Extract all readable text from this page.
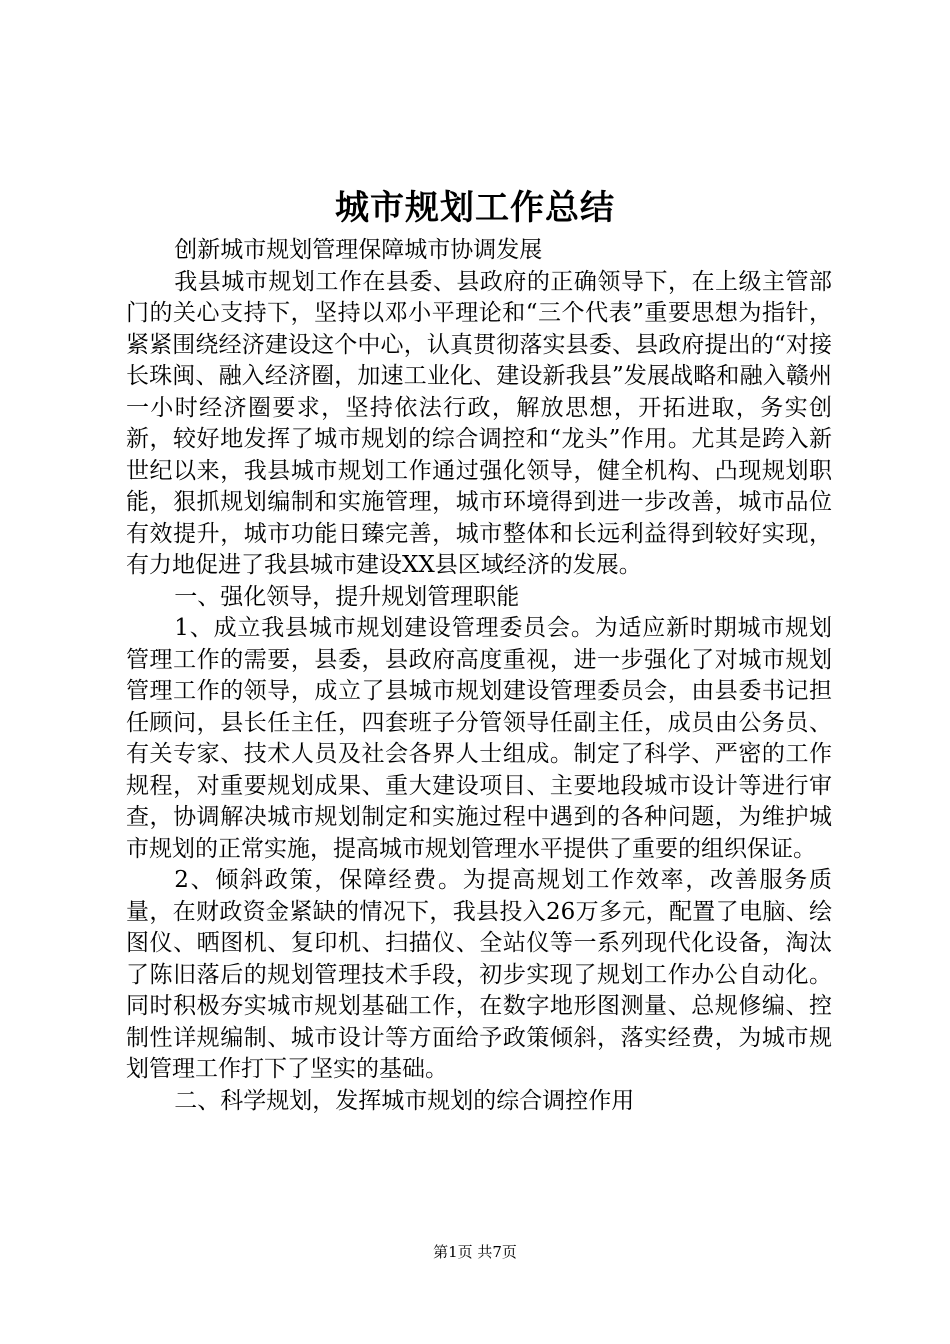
城市规划工作总结

创新城市规划管理保障城市协调发展

我县城市规划工作在县委、县政府的正确领导下，在上级主管部门的关心支持下，坚持以邓小平理论和“三个代表”重要思想为指针，紧紧围绕经济建设这个中心，认真贯彻落实县委、县政府提出的“对接长珠闽、融入经济圈，加速工业化、建设新我县”发展战略和融入赣州一小时经济圈要求，坚持依法行政，解放思想，开拓进取，务实创新，较好地发挥了城市规划的综合调控和“龙头”作用。尤其是跨入新世纪以来，我县城市规划工作通过强化领导，健全机构、凸现规划职能，狠抓规划编制和实施管理，城市环境得到进一步改善，城市品位有效提升，城市功能日臻完善，城市整体和长远利益得到较好实现，有力地促进了我县城市建设XX县区域经济的发展。

一、强化领导，提升规划管理职能

1、成立我县城市规划建设管理委员会。为适应新时期城市规划管理工作的需要，县委，县政府高度重视，进一步强化了对城市规划管理工作的领导，成立了县城市规划建设管理委员会，由县委书记担任顾问，县长任主任，四套班子分管领导任副主任，成员由公务员、有关专家、技术人员及社会各界人士组成。制定了科学、严密的工作规程，对重要规划成果、重大建设项目、主要地段城市设计等进行审查，协调解决城市规划制定和实施过程中遇到的各种问题，为维护城市规划的正常实施，提高城市规划管理水平提供了重要的组织保证。

2、倾斜政策，保障经费。为提高规划工作效率，改善服务质量，在财政资金紧缺的情况下，我县投入26万多元，配置了电脑、绘图仪、晒图机、复印机、扫描仪、全站仪等一系列现代化设备，淘汰了陈旧落后的规划管理技术手段，初步实现了规划工作办公自动化。同时积极夯实城市规划基础工作，在数字地形图测量、总规修编、控制性详规编制、城市设计等方面给予政策倾斜，落实经费，为城市规划管理工作打下了坚实的基础。

二、科学规划，发挥城市规划的综合调控作用

第1页 共7页
